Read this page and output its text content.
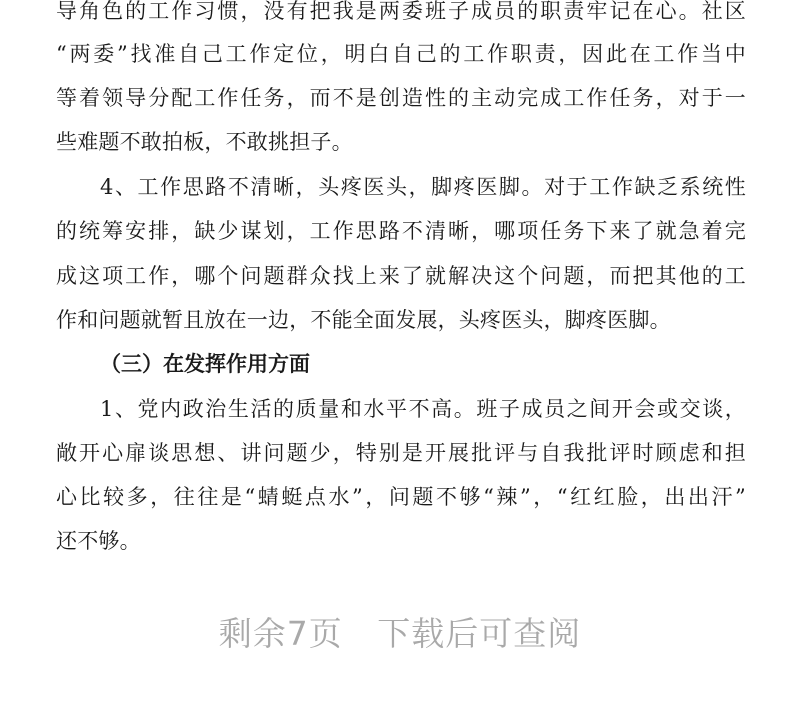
导角色的工作习惯，没有把我是两委班子成员的职责牢记在心。社区
“两委”找准自己工作定位，明白自己的工作职责，因此在工作当中
等着领导分配工作任务，而不是创造性的主动完成工作任务，对于一
些难题不敢拍板，不敢挑担子。
4、工作思路不清晰，头疼医头，脚疼医脚。对于工作缺乏系统性
的统筹安排，缺少谋划，工作思路不清晰，哪项任务下来了就急着完
成这项工作，哪个问题群众找上来了就解决这个问题，而把其他的工
作和问题就暂且放在一边，不能全面发展，头疼医头，脚疼医脚。
（三）在发挥作用方面
1、党内政治生活的质量和水平不高。班子成员之间开会或交谈，
敞开心扉谈思想、讲问题少，特别是开展批评与自我批评时顾虑和担
心比较多，往往是“蜻蜓点水”，问题不够“辣”，“红红脸，出出汗”
还不够。
剩余7页   下载后可查阅
